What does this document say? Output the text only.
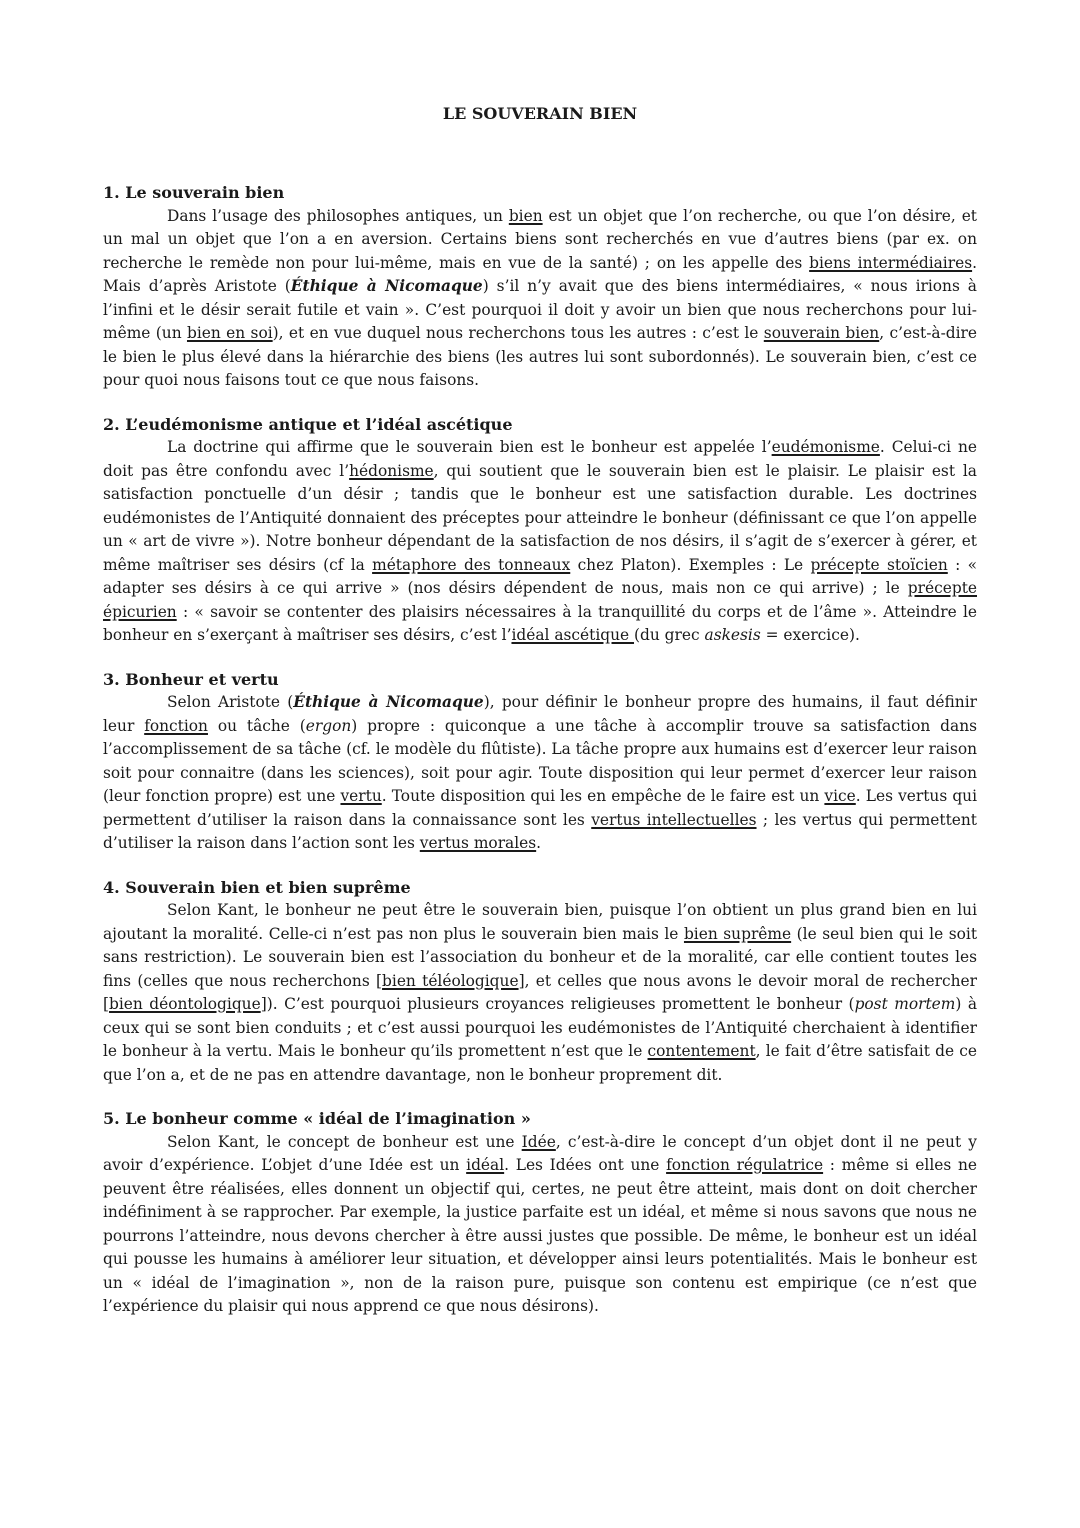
LE SOUVERAIN BIEN
1. Le souverain bien

Dans l’usage des philosophes antiques, un bien est un objet que l’on recherche, ou que l’on désire, et un mal un objet que l’on a en aversion. Certains biens sont recherchés en vue d’autres biens (par ex. on recherche le remède non pour lui-même, mais en vue de la santé) ; on les appelle des biens intermédiaires. Mais d’après Aristote (Éthique à Nicomaque) s’il n’y avait que des biens intermédiaires, « nous irions à l’infini et le désir serait futile et vain ». C’est pourquoi il doit y avoir un bien que nous recherchons pour lui-même (un bien en soi), et en vue duquel nous recherchons tous les autres : c’est le souverain bien, c’est-à-dire le bien le plus élevé dans la hiérarchie des biens (les autres lui sont subordonnés). Le souverain bien, c’est ce pour quoi nous faisons tout ce que nous faisons.

2. L’eudémonisme antique et l’idéal ascétique

La doctrine qui affirme que le souverain bien est le bonheur est appelée l’eudémonisme. Celui-ci ne doit pas être confondu avec l’hédonisme, qui soutient que le souverain bien est le plaisir. Le plaisir est la satisfaction ponctuelle d’un désir ; tandis que le bonheur est une satisfaction durable. Les doctrines eudémonistes de l’Antiquité donnaient des préceptes pour atteindre le bonheur (définissant ce que l’on appelle un « art de vivre »). Notre bonheur dépendant de la satisfaction de nos désirs, il s’agit de s’exercer à gérer, et même maîtriser ses désirs (cf la métaphore des tonneaux chez Platon). Exemples : Le précepte stoïcien : « adapter ses désirs à ce qui arrive » (nos désirs dépendent de nous, mais non ce qui arrive) ; le précepte épicurien : « savoir se contenter des plaisirs nécessaires à la tranquillité du corps et de l’âme ». Atteindre le bonheur en s’exerçant à maîtriser ses désirs, c’est l’idéal ascétique (du grec askesis = exercice).

3. Bonheur et vertu

Selon Aristote (Éthique à Nicomaque), pour définir le bonheur propre des humains, il faut définir leur fonction ou tâche (ergon) propre : quiconque a une tâche à accomplir trouve sa satisfaction dans l’accomplissement de sa tâche (cf. le modèle du flûtiste). La tâche propre aux humains est d’exercer leur raison soit pour connaitre (dans les sciences), soit pour agir. Toute disposition qui leur permet d’exercer leur raison (leur fonction propre) est une vertu. Toute disposition qui les en empêche de le faire est un vice. Les vertus qui permettent d’utiliser la raison dans la connaissance sont les vertus intellectuelles ; les vertus qui permettent d’utiliser la raison dans l’action sont les vertus morales.

4. Souverain bien et bien suprême

Selon Kant, le bonheur ne peut être le souverain bien, puisque l’on obtient un plus grand bien en lui ajoutant la moralité. Celle-ci n’est pas non plus le souverain bien mais le bien suprême (le seul bien qui le soit sans restriction). Le souverain bien est l’association du bonheur et de la moralité, car elle contient toutes les fins (celles que nous recherchons [bien téléologique], et celles que nous avons le devoir moral de rechercher [bien déontologique]). C’est pourquoi plusieurs croyances religieuses promettent le bonheur (post mortem) à ceux qui se sont bien conduits ; et c’est aussi pourquoi les eudémonistes de l’Antiquité cherchaient à identifier le bonheur à la vertu. Mais le bonheur qu’ils promettent n’est que le contentement, le fait d’être satisfait de ce que l’on a, et de ne pas en attendre davantage, non le bonheur proprement dit.

5. Le bonheur comme « idéal de l’imagination »

Selon Kant, le concept de bonheur est une Idée, c’est-à-dire le concept d’un objet dont il ne peut y avoir d’expérience. L’objet d’une Idée est un idéal. Les Idées ont une fonction régulatrice : même si elles ne peuvent être réalisées, elles donnent un objectif qui, certes, ne peut être atteint, mais dont on doit chercher indéfiniment à se rapprocher. Par exemple, la justice parfaite est un idéal, et même si nous savons que nous ne pourrons l’atteindre, nous devons chercher à être aussi justes que possible. De même, le bonheur est un idéal qui pousse les humains à améliorer leur situation, et développer ainsi leurs potentialités. Mais le bonheur est un « idéal de l’imagination », non de la raison pure, puisque son contenu est empirique (ce n’est que l’expérience du plaisir qui nous apprend ce que nous désirons).
